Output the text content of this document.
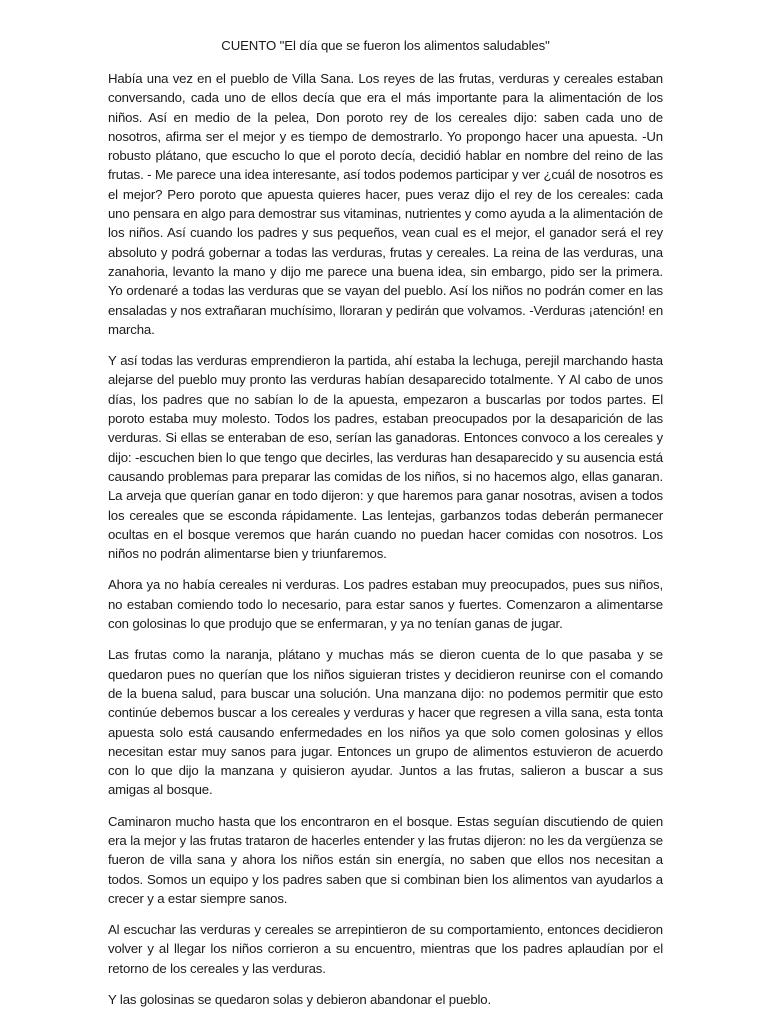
CUENTO "El día que se fueron los alimentos saludables"

Había una vez en el pueblo de Villa Sana. Los reyes de las frutas, verduras y cereales estaban conversando, cada uno de ellos decía que era el más importante para la alimentación de los niños. Así en medio de la pelea, Don poroto rey de los cereales dijo: saben cada uno de nosotros, afirma ser el mejor y es tiempo de demostrarlo. Yo propongo hacer una apuesta. -Un robusto plátano, que escucho lo que el poroto decía, decidió hablar en nombre del reino de las frutas. - Me parece una idea interesante, así todos podemos participar y ver ¿cuál de nosotros es el mejor? Pero poroto que apuesta quieres hacer, pues veraz dijo el rey de los cereales: cada uno pensara en algo para demostrar sus vitaminas, nutrientes y como ayuda a la alimentación de los niños. Así cuando los padres y sus pequeños, vean cual es el mejor, el ganador será el rey absoluto y podrá gobernar a todas las verduras, frutas y cereales. La reina de las verduras, una zanahoria, levanto la mano y dijo me parece una buena idea, sin embargo, pido ser la primera. Yo ordenaré a todas las verduras que se vayan del pueblo. Así los niños no podrán comer en las ensaladas y nos extrañaran muchísimo, lloraran y pedirán que volvamos. -Verduras ¡atención! en marcha.

Y así todas las verduras emprendieron la partida, ahí estaba la lechuga, perejil marchando hasta alejarse del pueblo muy pronto las verduras habían desaparecido totalmente. Y Al cabo de unos días, los padres que no sabían lo de la apuesta, empezaron a buscarlas por todos partes. El poroto estaba muy molesto. Todos los padres, estaban preocupados por la desaparición de las verduras. Si ellas se enteraban de eso, serían las ganadoras. Entonces convoco a los cereales y dijo: -escuchen bien lo que tengo que decirles, las verduras han desaparecido y su ausencia está causando problemas para preparar las comidas de los niños, si no hacemos algo, ellas ganaran. La arveja que querían ganar en todo dijeron: y que haremos para ganar nosotras, avisen a todos los cereales que se esconda rápidamente. Las lentejas, garbanzos todas deberán permanecer ocultas en el bosque veremos que harán cuando no puedan hacer comidas con nosotros. Los niños no podrán alimentarse bien y triunfaremos.

Ahora ya no había cereales ni verduras. Los padres estaban muy preocupados, pues sus niños, no estaban comiendo todo lo necesario, para estar sanos y fuertes. Comenzaron a alimentarse con golosinas lo que produjo que se enfermaran, y ya no tenían ganas de jugar.

Las frutas como la naranja, plátano y muchas más se dieron cuenta de lo que pasaba y se quedaron pues no querían que los niños siguieran tristes y decidieron reunirse con el comando de la buena salud, para buscar una solución. Una manzana dijo: no podemos permitir que esto continúe debemos buscar a los cereales y verduras y hacer que regresen a villa sana, esta tonta apuesta solo está causando enfermedades en los niños ya que solo comen golosinas y ellos necesitan estar muy sanos para jugar. Entonces un grupo de alimentos estuvieron de acuerdo con lo que dijo la manzana y quisieron ayudar. Juntos a las frutas, salieron a buscar a sus amigas al bosque.

Caminaron mucho hasta que los encontraron en el bosque. Estas seguían discutiendo de quien era la mejor y las frutas trataron de hacerles entender y las frutas dijeron: no les da vergüenza se fueron de villa sana y ahora los niños están sin energía, no saben que ellos nos necesitan a todos. Somos un equipo y los padres saben que si combinan bien los alimentos van ayudarlos a crecer y a estar siempre sanos.

Al escuchar las verduras y cereales se arrepintieron de su comportamiento, entonces decidieron volver y al llegar los niños corrieron a su encuentro, mientras que los padres aplaudían por el retorno de los cereales y las verduras.

Y las golosinas se quedaron solas y debieron abandonar el pueblo.
